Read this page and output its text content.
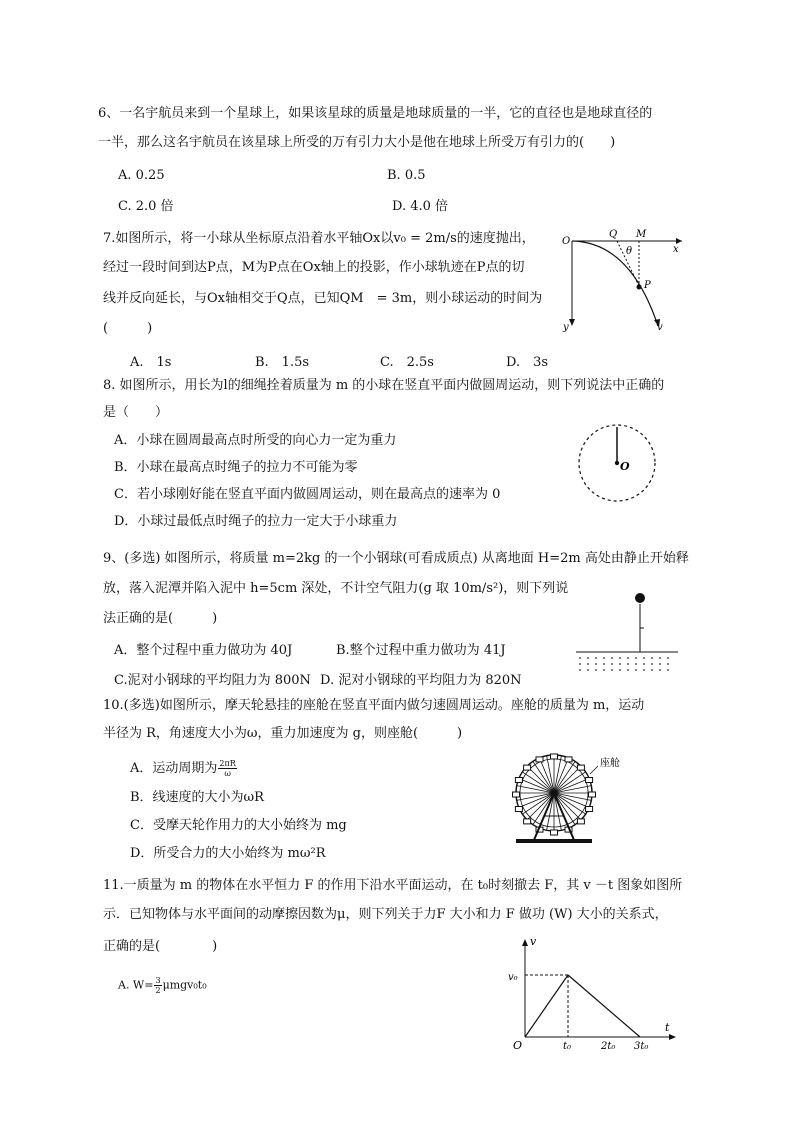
6、一名宇航员来到一个星球上，如果该星球的质量是地球质量的一半，它的直径也是地球直径的
一半，那么这名宇航员在该星球上所受的万有引力大小是他在地球上所受万有引力的(　　)
A. 0.25	B. 0.5
C. 2.0 倍	D. 4.0 倍
7.如图所示，将一小球从坐标原点沿着水平轴Ox以v₀ = 2m/s的速度抛出，
经过一段时间到达P点，M为P点在Ox轴上的投影，作小球轨迹在P点的切
线并反向延长，与Ox轴相交于Q点，已知QM　= 3m，则小球运动的时间为
(　　　)
A.　1s	B.　1.5s	C.　2.5s	D.　3s
O
Q M
x
θ
P
y	v
8. 如图所示，用长为l的细绳拴着质量为 m 的小球在竖直平面内做圆周运动，则下列说法中正确的
是（　　）
A．小球在圆周最高点时所受的向心力一定为重力
B．小球在最高点时绳子的拉力不可能为零
C．若小球刚好能在竖直平面内做圆周运动，则在最高点的速率为 0
D．小球过最低点时绳子的拉力一定大于小球重力
O
9、(多选) 如图所示，将质量 m=2kg 的一个小钢球(可看成质点) 从离地面 H=2m 高处由静止开始释
放，落入泥潭并陷入泥中 h=5cm 深处，不计空气阻力(g 取 10m/s²)，则下列说
法正确的是(　　　)
A．整个过程中重力做功为 40J	B.整个过程中重力做功为 41J
C.泥对小钢球的平均阻力为 800N D. 泥对小钢球的平均阻力为 820N
10.(多选)如图所示，摩天轮悬挂的座舱在竖直平面内做匀速圆周运动。座舱的质量为 m，运动
半径为 R，角速度大小为ω，重力加速度为 g，则座舱(　　　)
A．运动周期为 $\frac{2\pi R}{\omega}$
B．线速度的大小为ωR
C．受摩天轮作用力的大小始终为 mg
D．所受合力的大小始终为 mω²R
座舱
11.一质量为 m 的物体在水平恒力 F 的作用下沿水平面运动，在 t₀时刻撤去 F，其 v －t 图象如图所
示．已知物体与水平面间的动摩擦因数为μ，则下列关于力F 大小和力 F 做功 (W) 大小的关系式，
正确的是(　　　　)
A. $W= \frac{3}{2} \mu mgv_0t_0$
v
v₀
O
t
t₀	2t₀ 3t₀
